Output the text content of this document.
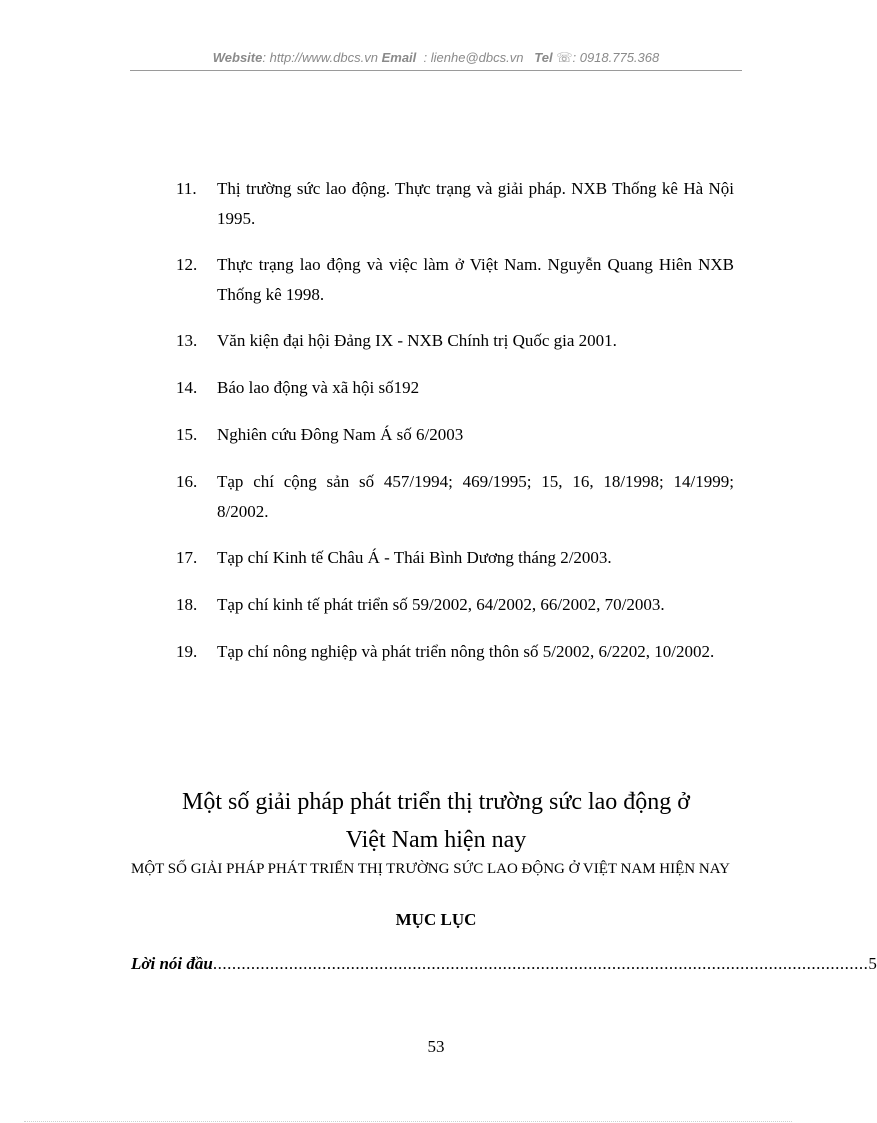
Website: http://www.dbcs.vn Email : lienhe@dbcs.vn Tel ☏: 0918.775.368
11.	Thị trường sức lao động. Thực trạng và giải pháp. NXB Thống kê Hà Nội 1995.
12.	Thực trạng lao động và việc làm ở Việt Nam. Nguyễn Quang Hiên NXB Thống kê 1998.
13.	Văn kiện đại hội Đảng IX - NXB Chính trị Quốc gia 2001.
14.	Báo lao động và xã hội số192
15.	Nghiên cứu Đông Nam Á số 6/2003
16.	Tạp chí cộng sản số 457/1994; 469/1995; 15, 16, 18/1998; 14/1999; 8/2002.
17.	Tạp chí Kinh tế Châu Á - Thái Bình Dương tháng 2/2003.
18.	Tạp chí kinh tế phát triển số 59/2002, 64/2002, 66/2002, 70/2003.
19.	Tạp chí nông nghiệp và phát triển nông thôn số 5/2002, 6/2202, 10/2002.
Một số giải pháp phát triển thị trường sức lao động ở
Việt Nam hiện nay
MỘT SỐ GIẢI PHÁP PHÁT TRIỂN THỊ TRƯỜNG SỨC LAO ĐỘNG Ở VIỆT NAM HIỆN NAY
MỤC LỤC
Lời nói đầu .......................................................................................................................................... 5
53
